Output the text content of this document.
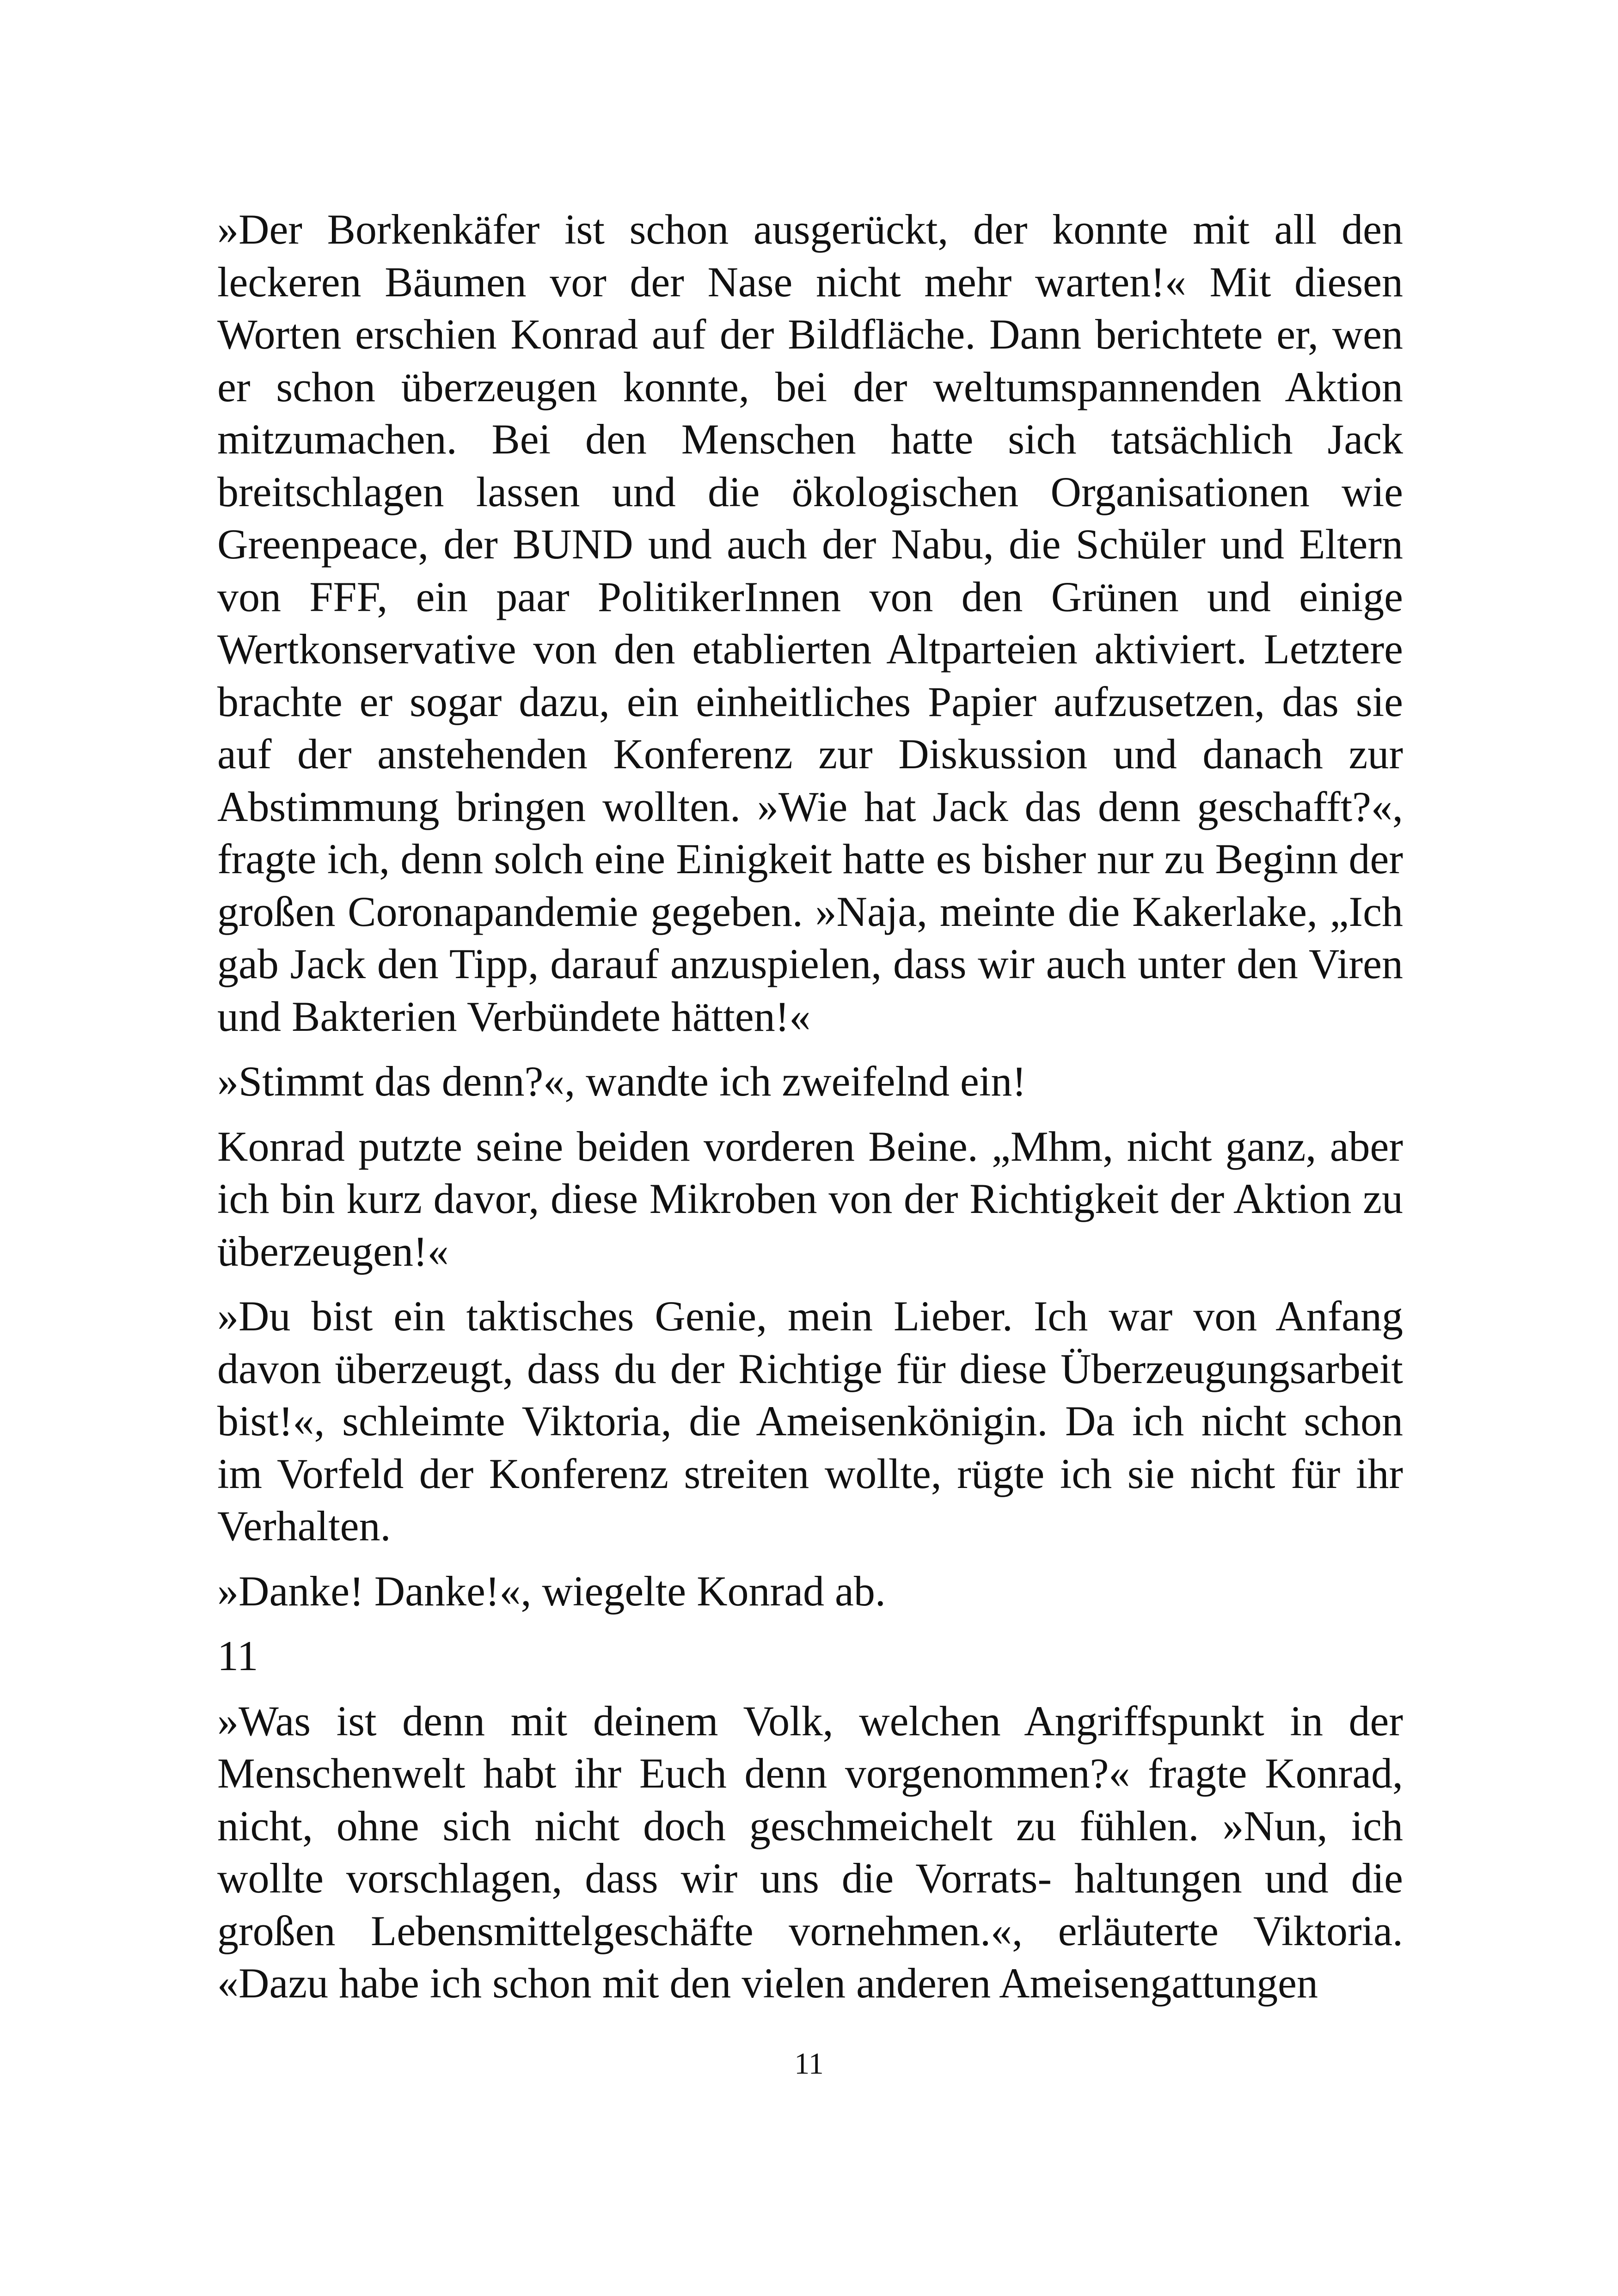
»Der Borkenkäfer ist schon ausgerückt, der konnte mit all den leckeren Bäumen vor der Nase nicht mehr warten!« Mit diesen Worten erschien Konrad auf der Bildfläche. Dann berichtete er, wen er schon überzeugen konnte, bei der weltumspannenden Aktion mitzumachen. Bei den Menschen hatte sich tatsächlich Jack breitschlagen lassen und die ökologischen Organisationen wie Greenpeace, der BUND und auch der Nabu, die Schüler und Eltern von FFF, ein paar PolitikerInnen von den Grünen und einige Wertkonservative von den etablierten Altparteien aktiviert. Letztere brachte er sogar dazu, ein einheitliches Papier aufzusetzen, das sie auf der anstehenden Konferenz zur Diskussion und danach zur Abstimmung bringen wollten. »Wie hat Jack das denn geschafft?«, fragte ich, denn solch eine Einigkeit hatte es bisher nur zu Beginn der großen Coronapandemie gegeben. »Naja, meinte die Kakerlake, „Ich gab Jack den Tipp, darauf anzuspielen, dass wir auch unter den Viren und Bakterien Verbündete hätten!«

»Stimmt das denn?«, wandte ich zweifelnd ein!

Konrad putzte seine beiden vorderen Beine. „Mhm, nicht ganz, aber ich bin kurz davor, diese Mikroben von der Richtigkeit der Aktion zu überzeugen!«

»Du bist ein taktisches Genie, mein Lieber. Ich war von Anfang davon überzeugt, dass du der Richtige für diese Überzeugungsarbeit bist!«, schleimte Viktoria, die Ameisenkönigin. Da ich nicht schon im Vorfeld der Konferenz streiten wollte, rügte ich sie nicht für ihr Verhalten.

»Danke! Danke!«, wiegelte Konrad ab.

11

»Was ist denn mit deinem Volk, welchen Angriffspunkt in der Menschenwelt habt ihr Euch denn vorgenommen?« fragte Konrad, nicht, ohne sich nicht doch geschmeichelt zu fühlen. »Nun, ich wollte vorschlagen, dass wir uns die Vorrats- haltungen und die großen Lebensmittelgeschäfte vornehmen.«, erläuterte Viktoria. «Dazu habe ich schon mit den vielen anderen Ameisengattungen

11
